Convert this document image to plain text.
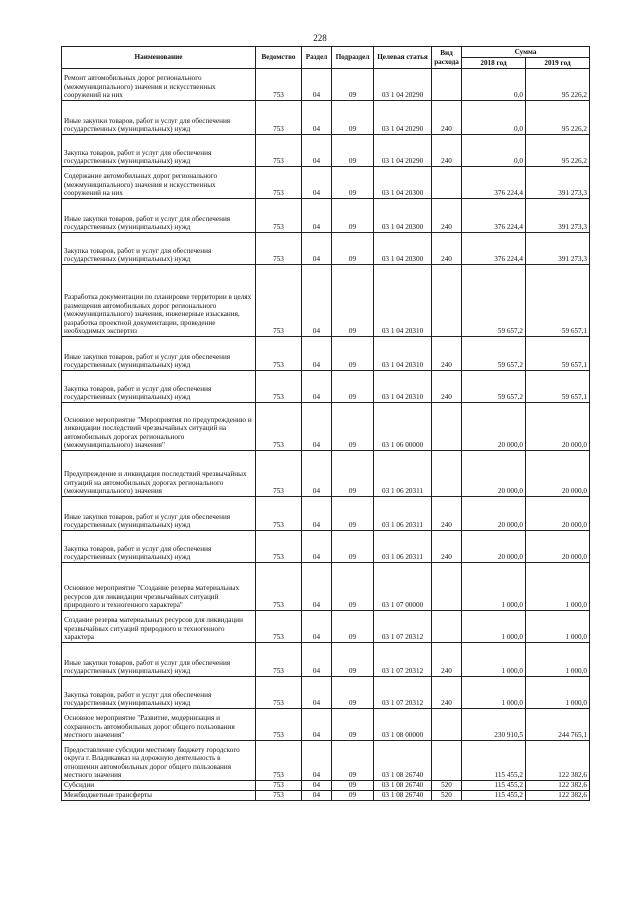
228
Наименование	Ведомство	Раздел	Подраздел	Целевая статья	Вид расхода	Сумма	
						2018 год	2019 год
Ремонт автомобильных дорог регионального (межмуниципального) значения и искусственных сооружений на них	753	04	09	03 1 04 20290		0,0	95 226,2
Иные закупки товаров, работ и услуг для обеспечения государственных (муниципальных) нужд	753	04	09	03 1 04 20290	240	0,0	95 226,2
Закупка товаров, работ и услуг для обеспечения государственных (муниципальных) нужд	753	04	09	03 1 04 20290	240	0,0	95 226,2
Содержание автомобильных дорог регионального (межмуниципального) значения и искусственных сооружений на них	753	04	09	03 1 04 20300		376 224,4	391 273,3
Иные закупки товаров, работ и услуг для обеспечения государственных (муниципальных) нужд	753	04	09	03 1 04 20300	240	376 224,4	391 273,3
Закупка товаров, работ и услуг для обеспечения государственных (муниципальных) нужд	753	04	09	03 1 04 20300	240	376 224,4	391 273,3
Разработка документации по планировке территории в целях размещения автомобильных дорог регионального (межмуниципального) значения, инженерные изыскания, разработка проектной документации, проведение необходимых экспертиз	753	04	09	03 1 04 20310		59 657,2	59 657,1
Иные закупки товаров, работ и услуг для обеспечения государственных (муниципальных) нужд	753	04	09	03 1 04 20310	240	59 657,2	59 657,1
Закупка товаров, работ и услуг для обеспечения государственных (муниципальных) нужд	753	04	09	03 1 04 20310	240	59 657,2	59 657,1
Основное мероприятие "Мероприятия по предупреждению и ликвидации последствий чрезвычайных ситуаций на автомобильных дорогах регионального (межмуниципального) значения"	753	04	09	03 1 06 00000		20 000,0	20 000,0
Предупреждение и ликвидация последствий чрезвычайных ситуаций на автомобильных дорогах регионального (межмуниципального) значения	753	04	09	03 1 06 20311		20 000,0	20 000,0
Иные закупки товаров, работ и услуг для обеспечения государственных (муниципальных) нужд	753	04	09	03 1 06 20311	240	20 000,0	20 000,0
Закупка товаров, работ и услуг для обеспечения государственных (муниципальных) нужд	753	04	09	03 1 06 20311	240	20 000,0	20 000,0
Основное мероприятие "Создание резерва материальных ресурсов для ликвидации чрезвычайных ситуаций природного и техногенного характера"	753	04	09	03 1 07 00000		1 000,0	1 000,0
Создание резерва материальных ресурсов для ликвидации чрезвычайных ситуаций природного и техногенного характера	753	04	09	03 1 07 20312		1 000,0	1 000,0
Иные закупки товаров, работ и услуг для обеспечения государственных (муниципальных) нужд	753	04	09	03 1 07 20312	240	1 000,0	1 000,0
Закупка товаров, работ и услуг для обеспечения государственных (муниципальных) нужд	753	04	09	03 1 07 20312	240	1 000,0	1 000,0
Основное мероприятие "Развитие, модернизация и сохранность автомобильных дорог общего пользования местного значения"	753	04	09	03 1 08 00000		230 910,5	244 765,1
Предоставление субсидии местному бюджету городского округа г. Владикавказ на дорожную деятельность в отношении автомобильных дорог общего пользования местного значения	753	04	09	03 1 08 26740		115 455,2	122 382,6
Субсидии	753	04	09	03 1 08 26740	520	115 455,2	122 382,6
Межбюджетные трансферты	753	04	09	03 1 08 26740	520	115 455,2	122 382,6
